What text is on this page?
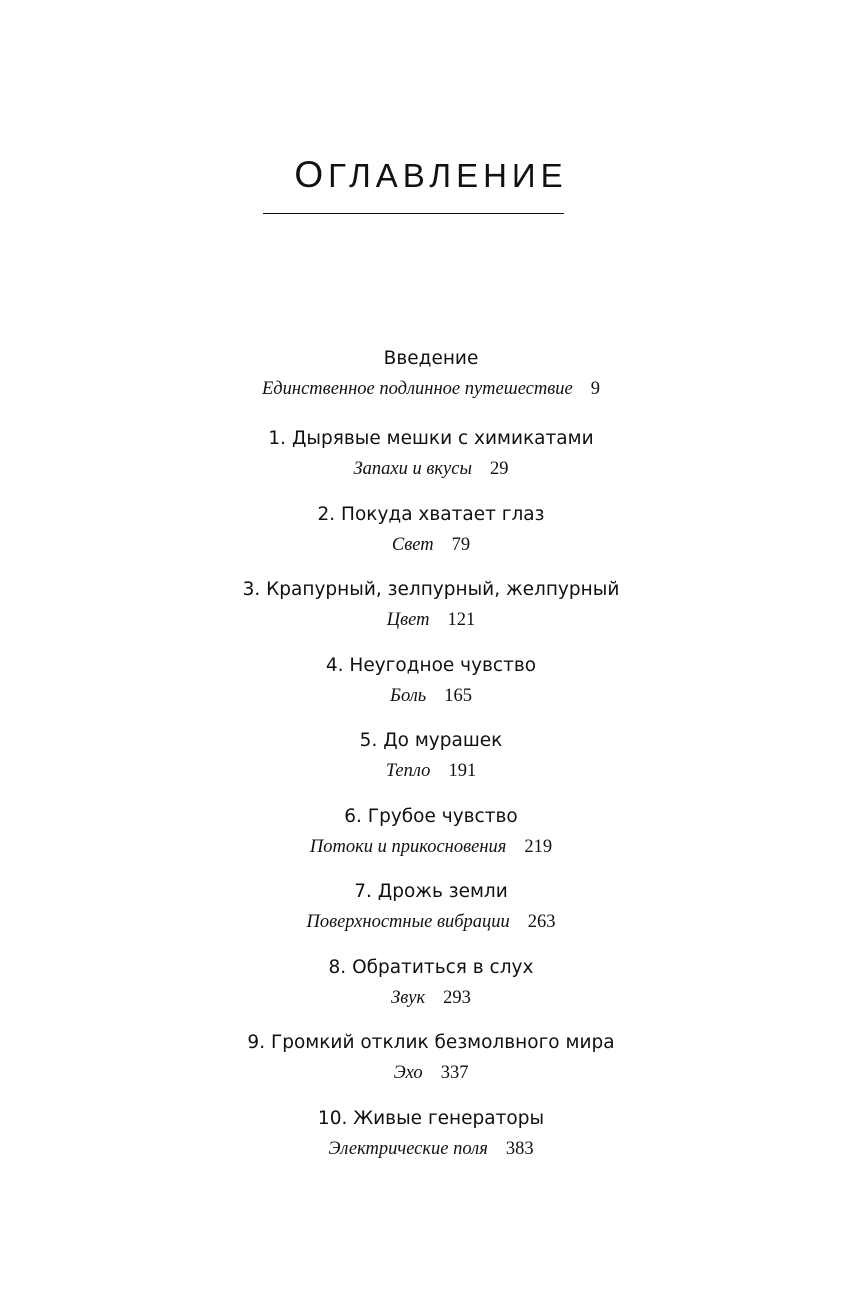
ОГЛАВЛЕНИЕ
Введение
Единственное подлинное путешествие 9
1. Дырявые мешки с химикатами
Запахи и вкусы 29
2. Покуда хватает глаз
Свет 79
3. Крапурный, зелпурный, желпурный
Цвет 121
4. Неугодное чувство
Боль 165
5. До мурашек
Тепло 191
6. Грубое чувство
Потоки и прикосновения 219
7. Дрожь земли
Поверхностные вибрации 263
8. Обратиться в слух
Звук 293
9. Громкий отклик безмолвного мира
Эхо 337
10. Живые генераторы
Электрические поля 383
